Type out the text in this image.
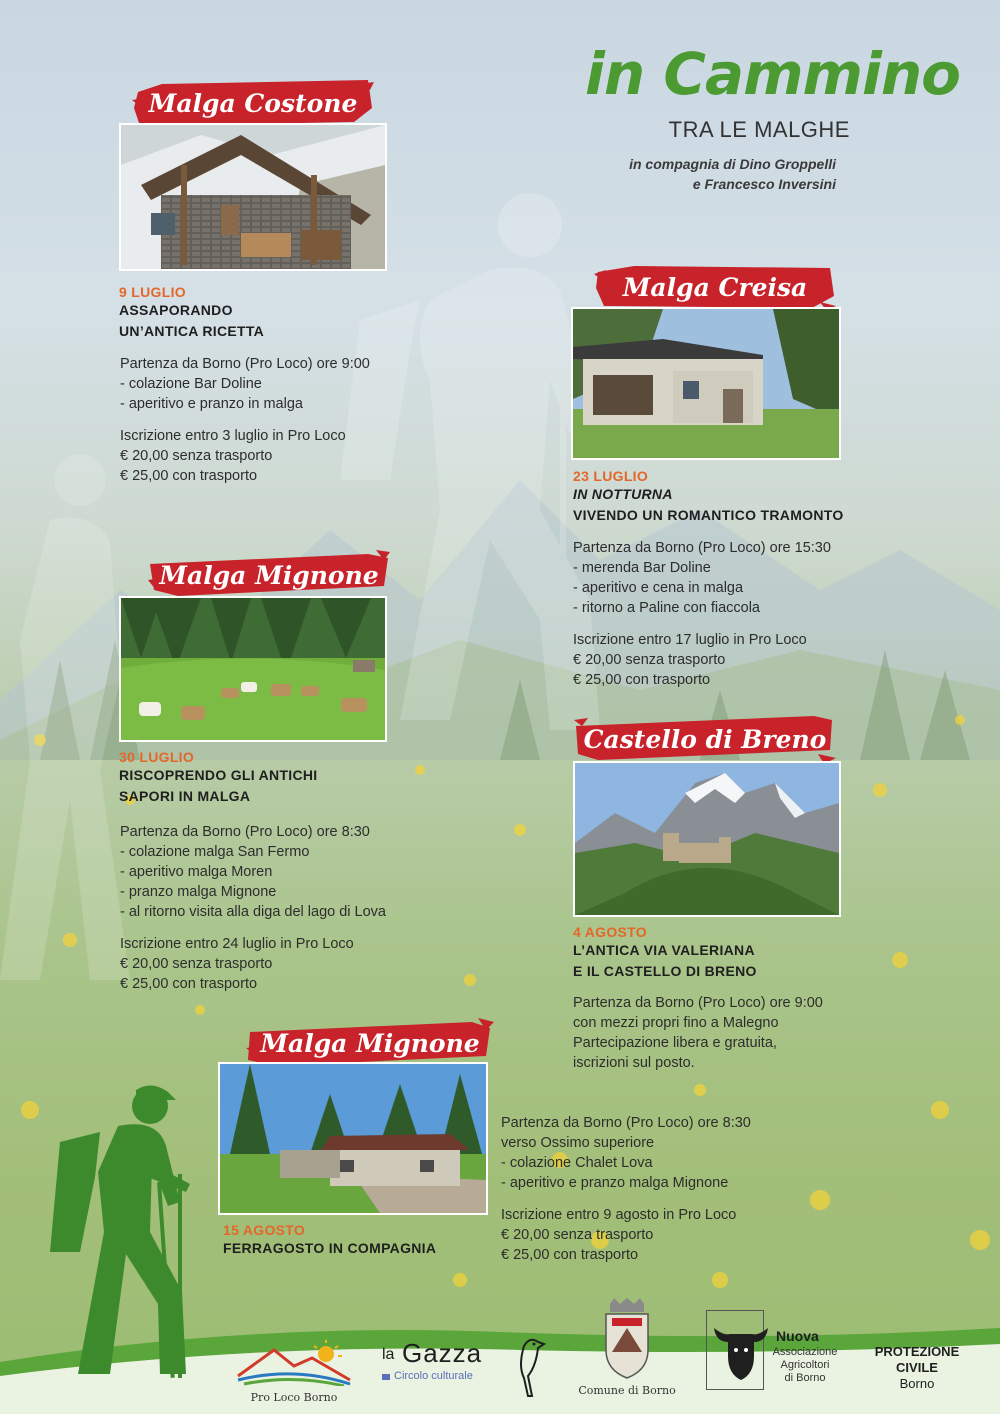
in Cammino
TRA LE MALGHE
in compagnia di Dino Groppelli
e Francesco Inversini
Malga Costone
9 LUGLIO
ASSAPORANDO
UN’ANTICA RICETTA
Partenza da Borno (Pro Loco) ore 9:00
- colazione Bar Doline
- aperitivo e pranzo in malga
Iscrizione entro 3 luglio in Pro Loco
€ 20,00 senza trasporto
€ 25,00 con trasporto
Malga Creisa
23 LUGLIO
IN NOTTURNA
VIVENDO UN ROMANTICO TRAMONTO
Partenza da Borno (Pro Loco) ore 15:30
- merenda Bar Doline
- aperitivo e cena in malga
- ritorno a Paline con fiaccola
Iscrizione entro 17 luglio in Pro Loco
€ 20,00 senza trasporto
€ 25,00 con trasporto
Malga Mignone
30 LUGLIO
RISCOPRENDO GLI ANTICHI
SAPORI IN MALGA
Partenza da Borno (Pro Loco) ore 8:30
- colazione malga San Fermo
- aperitivo malga Moren
- pranzo malga Mignone
- al ritorno visita alla diga del lago di Lova
Iscrizione entro 24 luglio in Pro Loco
€ 20,00 senza trasporto
€ 25,00 con trasporto
Castello di Breno
4 AGOSTO
L’ANTICA VIA VALERIANA
E IL CASTELLO DI BRENO
Partenza da Borno (Pro Loco) ore 9:00
con mezzi propri fino a Malegno
Partecipazione libera e gratuita,
iscrizioni sul posto.
Malga Mignone
15 AGOSTO
FERRAGOSTO IN COMPAGNIA
Partenza da Borno (Pro Loco) ore 8:30
verso Ossimo superiore
- colazione Chalet Lova
- aperitivo e pranzo malga Mignone
Iscrizione entro 9 agosto in Pro Loco
€ 20,00 senza trasporto
€ 25,00 con trasporto
Pro Loco Borno
la Gazza
Circolo culturale
Comune di Borno
Nuova
Associazione
Agricoltori
di Borno
PROTEZIONE
CIVILE
Borno
